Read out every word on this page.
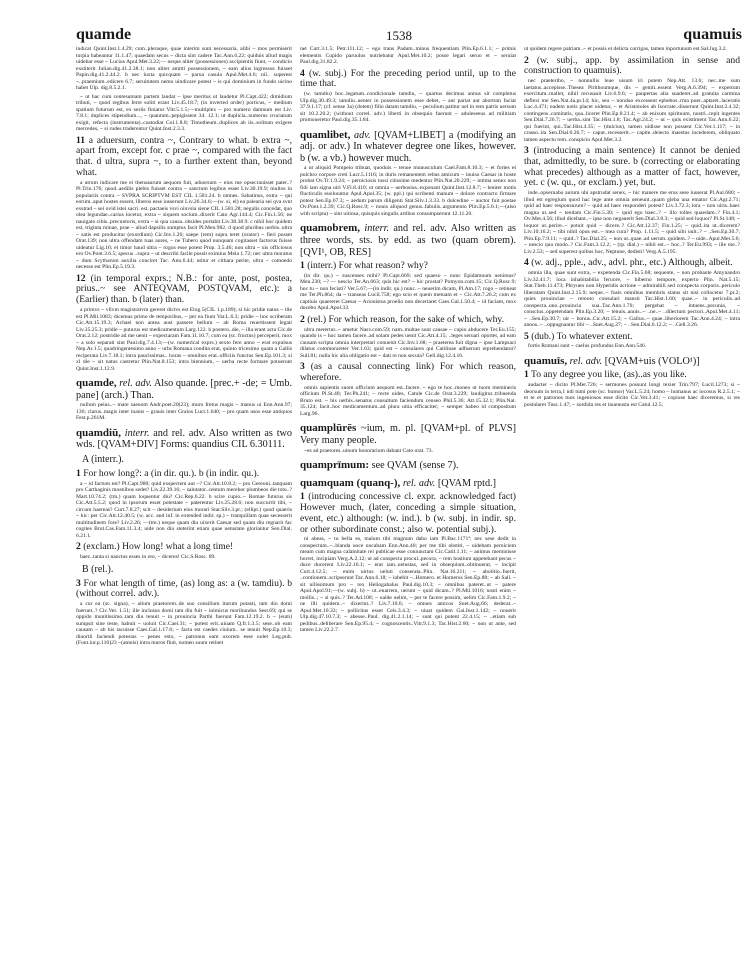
quamde	1538	quamuis

indicat Quint.Inst.1.4.29; cum..pleraque, quae interim sunt necessaria, alibi ~ mos permiserit turpia habeantur 11.1.47; quaedam secus ~ dicta sint cadere Tac.Ann.6.22; quiduis aliud magis uidebar esse ~ Lucius Apul.Met.3.22;— neque aliter (possessiones) accipientis fiunt, ~ condicio exstiterit Julian.dig.41.2.38.1; non aliter amitti possessionem, ~ eam alius ingressus fuisset Papin.dig.41.2.44.2. b nec iuxta quicquam ~ parua casula Apul.Met.4.6; nil.. superest ~..praemium..edicere 6.7; seruitutem nemo uindicare potest ~ is qui dominium in fundo uicino habet Ulp. dig.8.5.2.1.

~ ut hac cum centesumam partem laudat ~ ipse meritus ut laudetur Pl.Capt.422; dimidium tributi, ~ quod regibus ferre soliti erant Liv.45.18.7; (in inverted order) porticus, ~ medium spatium futurum est, ex seriis finiatur Vitr.5.1.5;—multiplex ~ pro numero damnum est Liv. 7.8.1; duplices stipendium..., ~ quantum..pepigissent 34. 12.1; ut duplicia..numerus cruciatum exigit, refecta (instrumenta)..custodiat Col.1.8.8; Timotheum..duplices ab iis..solitum exigere mercedes, ~ si rudes traderentur Quint.Inst.2.3.3.

11 a aduersum, contra ~, Contrary to what. b extra ~, apart from, except for. c prae ~, compared with the fact that. d ultra, supra ~, to a further extent than, beyond what.

a utrum indicare me ei thensaurum aequom fuit, aduorsum ~ eius me opsecrauisset pater..? Pl.Trin.176; quod..aedilis plebis fuisset contra ~ sanctum legibus esset Liv.30.19.9; multos in populariis contra ~ SVPRA SCRIPTVM EST CIL 1.581.24. b omnes. Sabatinus, extra ~ qui eorum..aput hostes essent, liberos esse iusserunt Liv.26.34.6;—(w. si, el) ea palearia sei qva svnt exstrad ~ sei ovid istei sacri. est. pactaeis vsvi oinvsia siene CIL 1.581.28; negulis concedat, quo olea legundae..carius locetur, extra ~ siquem socium..dixerit Cato Agr.144.4; Cic.Fin.1.56; ne nauigato cibis..precuntoris, extra ~ si qua causa..obsides portabit Liv.38.38.9. c nihil hoc quidem est, triginta minae, prae ~ aliud dapsilis sumptus facit Pl.Men.982. d quod pluribus uerbis..ultra ~ satis est producitur (exordium) Cic.Inv.1.26; saepe (rem) supra teret (orator) ~ fieri posset Orat.139; non ultra offendam tuas aures, ~ ne Tubero quod nunquam cogitasset factorus fuisse uideatur Lig.16; et timor haud ultra ~ rogus esse potest Prop. 3.5.46; non ultra ~ uis officiosus ero Ov.Pont.3.6.5; specus ..supra ~ ut describi facile possit eximius Mela 1.72; nec ultra moratus ~ dum Scytharum auxilia conciret Tac. Ann.6.44; utitur et cithara perite, ultra ~ comoedo necesse est Plin.Ep.5.19.3.

12 (in temporal exprs.; N.B.: for ante, post, postea, prius..~ see ANTEQVAM, POSTQVAM, etc.): a (Earlier) than. b (later) than.

a primvs ~ vllvm magistratvm gereret dictvs est Elog.5(CIL 1.p.189); si hic pridie natus ~ ille est Pl.Mil.1083; dicemus primo de temporibus, ~ per ea fiunt Var.L.6.3; pridie ~ hoc scriberam Cic.Att.15.19.3; Achaei non antea aust passere bellum ~ ab Roma reuertissent legati Liv.35.25.3; pridie ~ puturus est medicamentum Larg.122. b postero..die, ~ illa erant acta Cic.de Orat.2.12; postridie ad me uenit ~ expectaram Fam.11.10.7; cum ea (sc. fructus) perceperit, mox ~ a solo separati sint Paul.dig.7.4.13;—(w. numerical exprs.) sexto fere anno ~ erat expulsus Nep.Ar.1.5; quadringentesimo anno ~ urbs Romana condita erat, quinto tricesimo quam a Gallis reciperata Liv.7.18.1; intra paucissimas.. horas ~ omnibus erat..officiis functus Sen.Ep.101.3; si xl die ~ sit natus castretur Plin.Nat.8.153; intra biennium, ~ uerba recte formare potuerunt Quint.Inst.1.12.9.

quamde, rel. adv. Also quande. [prec.+ -de; = Umb. pane] (arch.) Than.

nullum peius..~ mare saeuom Andr.poet.20(23); muro fretus magis ~ manus ui Enn.Ann.97; 136; clarus..magis inter inanis ~ grauis inter Graios Lucr.1.640; ~ pro quam usos esse antiquos Fest.p.261M.

quamdiū, interr. and rel. adv. Also written as two wds. [QVAM+DIV] Forms: quandius CIL 6.30111.

A (interr.).

1 For how long?: a (in dir. qu.). b (in indir. qu.).

a ~ id factum est? Pl.Capt.980; quid exspectem aut ~? Cic.Att.10.8.2; ~ pro Gereoni..tanquam pro Carthaginis moenibus sedet? Liv.22.39.16; ~ salutator..centum merebor plumbeos die toto..? Mart.10.74.2; (tm.) quam loquentur diu? Cic.Rep.6.22. b scire cupio..~ Romae futurus sis Cic.Att.5.5.2; quod in ipsorum esset potestate ~ paterentur Liv.25.28.6; non succurrit tibi, ~ circum haereas? Curt.7.8.27; scit ~ desiderium eius morari Stat.Silv.3.pr.; (ellipt.) quod quaeris ~ hic: per Cic.Att.12.40.5; (w. acc. and inf. in extended indir. sp.) ~ tranquillam quae secesserit multitudinem fore? Liv.2.26; —(tm.) neque quam diu uixerit Caesar sed quam diu regnarit fac cogites Brut.Cas.Fam.11.3.4; uide non diu steterint etiam quae uetustate gloriantur Sen.Dial. 6.21.1.

2 (exclam.) How long! what a long time!

haec..tanta si nanctus esses in reo, ~ diceres! Cic.S.Rosc. 89.

B (rel.).

3 For what length of time, (as) long as: a (w. tamdiu). b (without correl. adv.).

a cur ea (sc. signa), ~ alium praetorem..de suo consilium iturum putasti, tam diu domi fuerunt..? Cic.Ver. 1.51; ille inclusus domi tam diu fuit ~ inimicus moribundus Sest.69; qui se oppido munitissimo..tam diu tenuit ~ in prouincia Parthi fuerunt Fam.12.19.2. b ~ (eum) sumpsit sine teste, habuit ~ uoluit Cic.Cael.31; ~ potest erit..uiuam Q.fr.1.3.5; sese..ob eam causam ~ ab his tacuisse Caes.Gal.1.17.6; ~ facta est caedes ciuium.. se tenuit Nep.Ep.10.3; diuortii faciendi potestas ~ penes esto, ~ patronus eam uxorem esse uolet Leg.pub.(Font.iur.p.116)23 ~(amnis) intra muros fluit, nomen suum retinet

net Curt.3.1.5; Petr.111.12; ~ ego trans Padum..minus frequentiam Plin.Ep.6.1.1; ~ primis elementis Cupido paruulus nutriebatur Apul.Met.10.2; posse legari seruo et ~ seruiat Paul.dig.31.82.2.

4 (w. subj.) For the preceding period until, up to the time that.

(w. tamdiu) hoc..legatum..condicionale tamdiu, ~ quartus decimus annus sit completus Ulp.dig.30.49.3; tamdiu..uenter in possessionem esse debet, ~ aut pariat aut abortum faciat 37.9.1.17; (cf. sense 3a) (dotem) filio datam tamdiu, ~ peculium patitur uel in rem patris uersum sit 10.2.20.2; (without correl. adv.) liberti in obsequio fuerunt ~ aduleseeus ad militiam promoueretur Paul.dig.35.1.84.

quamlibet, adv. [QVAM+LIBET] a (modifying an adj. or adv.) In whatever degree one likes, however. b (w. a vb.) however much.

a ut aliquid Pompeio tribuat, quoduis ~ tenue munusculum Cael.Fam.8.10.3; ~ et fortes et pulchro corpore creti Lucr.5.1116; in duris remanentem rebus amicum ~ inuiso Caesar in hoste probat Ov.Tr.1.9.24; ~ perniciosis tussi citissime medentur Plin.Nat.20.229; ~ intima senex non fidi iam signa uiri V.Fl.8.410; ut omnia ~ uerbosius..exponant Quint.Inst.12.8.7; ~ leniter motis flucticulis euoluuntur Apul.Apol.35; (w. ppl.) qui scribenti manum ~ dolore contracto firmare potest Sen.Ep.67.3; ~ aedum parum diligenti Stat.Silv.1.3.33. b dulcedine ~ auctor fuit poetae Ov.Pont.1.2.39; Cic.Q.Rosc.9; ~ nouis aliquod genus..fabulis..argumento Plin.Ep.5.6.1;—(also with scripta) ~ sint uitiosa, quisquis singulis artibus consumpserunt 12.11.20.

quamobrem, interr. and rel. adv. Also written as three words, sts. by edd. as two (quam obrem). [QVI¹, OB, RES]

1 (interr.) For what reason? why?

(in dir. qu.) ~ suscenses mihi? Pl.Capt.669; sed quaeso ~ nunc Epidamnum uenimus? Men.230; ~? — nescio Ter.An.663; quis hic est? ~ hic prostat? Pomyon.com.15; Cic.Q.Rosc.9; hoc tu ~ non fecisti? Ver.5.67;—(in indir. qu.) nunc..~ neuerim dicam, Pl.Am.17; rogo ~ retineat me Ter.Ph.864; da ~ transeas Lucil.758; ego scio et quem metuam et ~ Cic.Att.7.26.2; cum ex captiuis quaereret Caesar ~ Ariouistus proelio non decertaret Caes.Gal.1.50.4; ~ id faciam, mox docebo Apul.Apol.33.

2 (rel.) For which reason, for the sake of which, why.

ultra merertur..~ ametur Nasv.com.59; nam..multae sunt causae ~ cupio abducere Ter.Eu.155; quando is ~ hoc tamen facere..ad solam pedes uenit Cic.Att.4.15; ..leges seruari oportet, ad eam causam scripta omnia interpretari conuenit Cic.Inv.1.68; ~ praeterea fuit digna ~ ipse Lampsaci dilatus commorareter Ver.1.63; quid est ~ consulares qui Catilinae adfuerunt reprehendatur? Sull.81; nulla hic alia obligatio est ~ dati re non secuta? Gell.dig.12.4.16.

3 (as a causal connecting link) For which reason, wherefore.

omnis sapientis suom officium aequom est..facere. ~ ego te hoc..moneo ut tuom memineris officium Pl.St.48; Ter.Ph.241; ~ recte uides, Catule Cic.de Orat.3.229; laudigitur..tribuenda Bruto est. ~ his uerbis..senatus consultum faciendum censeo Phil.5.36; Att.15.32.1; Plin.Nat. 35.124; facit..hoc medicamentum..ad plura uitia efficaciter; ~ semper habeo id compositum Larg.96.

quamplūrēs ~ium, m. pl. [QVAM+pl. of PLVS] Very many people.

~es ad praetores..uinum honorarium dabant Cato orat. 73.

quamprīmum: see QVAM (sense 7).

quamquam (quanq-), rel. adv. [QVAM rptd.]

1 (introducing concessive cl. expr. acknowledged fact) However much, (later, conceding a simple situation, event, etc.) although: (w. ind.). b (w. subj. in indir. sp. or other subordinate const.; also w. potential subj.).

ni abeas, ~ tu bella es, malum tibi magnum dabo iam Pl.Bac.1171ª; nec sese dedit in conspectum..~..blanda uoce uocabam Enn.Ann.40; per me tibi obstiti, ~ uidebam perniciem meam cum magna calamitate rei publicae esse coniunctam Cic.Catil.1.11; ~ animus meminisse horret, incipiam Verg.A.2.12; ut ad conspecta procul..pecora, ~ rem hostium appetebant pecus ~ duce ducerent Liv.22.16.1; ~ erat iam..uetustas, sed in obsequium..obtinuerat, ~ incipit Curt.4.12.5; ~ enim uirtus ueluti conserata..Plin. Nat.16.211; ~ abolitio..fuerit, ..contionem..scripserunt Tac.Ann.6.18; ~ iubebit ~..Homero. et Homerus Sen.Ep.88; ~ ab Sall. ~ sit uilissimum pro ~ rex Heliogabalus Paul.dig.10.3; ~ omnibus pateret..ut ~ patere Apul.Apol.91;—(w. subj. b) ~ ut..enarrem, uerum ~ quid dicam..? Pl.Mil.1016; nosti enim ~ mollis..; ~ si quis..? Ter.Ad.108; ~ ualde uelim, ~ per te facere possim, uelim Cic.Fam.1.9.2; ~ ne illi quidem..~ dixerint..? Liv.7.10.6; ~ omnes amicos Suet.Aug.66; dederat..~ Apul.Met.10.33; ~ pollicitus esset Cels.3.4.3; ~ uiuat quidem Gai.Inst.1.142; ~ nouerit Ulp.dig.47.10.7.3; ~ abesse..Paul. dig.41.2.1.14; ~ sunt qui putent 22.4.15; ~ ..etiam sub pedibus..deliberare Sen.Ep.95.4; ~ cognoscentis..Vitr.9.1.3; Tac.Hist.2.60; ~ non ut ante, sed tamen Liv.22.2.7.

ut quidem regere patriam..~ et possis et delicta corrigas, tamen inportunum est Sal.Jug.3.2.

2 (w. subj., app. by assimilation in sense and construction to quamuis).

nec praeteribo, ~ nonnullis leue uisum iri putem Nep.Att. 13.6; nec..me sum laetatus..accepisse..Thesea Pirithoumque, dis ~ geniti..essent Verg.A.6.394; ~ expertum exercitum..mallet, nihil recusauit Liv.6.9.6; ~ paupertas alia suaderet..ad gratuita carmina deflexi me Sen.Nat.4a.pr.14; hic, seu ~ nonduo excessent ephebos..rma puer..aptaret..laceratis Luc.4.471; eadem notis placet uidetur, ~ et Aristotoles ab Isocrate..disserunt Quint.Inst.2.4.32; contingens..comitatis, qua..liceret Plin.Ep.8.21.4; ~ ab enixum spirituum, nostri..cepit ingentes Sen.Dial.7.26.7; ~ uerba..sint Tac.Hist.1.8; Tac.Agr.24.2; ~ ut ~ quis existiment Tac.Ann.6.22; qui fuerint, qui..Tac.Hist.4.35; ~ (dulcius), tamen uidisse non possent Cic.Ver.1.117; ~ in crasso..ita Sen.Dial.6.26.7; ~ caput..recesserit..~ capite..deiecto maestus incederem, obliquato tamen aspectu rem..conspicio Apul.Met.3.2.

3 (introducing a main sentence) It cannot be denied that, admittedly, to be sure. b (correcting or elaborating what precedes) although as a matter of fact, however, yet. c (w. qu., or exclam.) yet, but.

inde..opseruabo aurum ubi apstrudat senex, ~ hic manere me erus sese iusserat Pl.Aul.680; ~ illud est egregium quod hac lege ante omnia ueneunt..quam gleba una ematur Cic.Agr.2.71; quid ad haec responsurum? ~ quid ad haec responderi potest? Liv.3.72.3; lora ~ non uiris..haec magna ut..sed ~ tendam Cic.Fin.5.30; ~ quid ego haec..? ~ illo tolles quaedam..? Fin.4.1; Ov.Met.4.56; illud dicebant..~ ipse non negauerit Sen.Dial.3.8.3; ~ quid sed loquor? Pl.St.148; ~ loquor ut..perire..~ potuit quid ~ dicere..? Cic.Att.12.37; Fin.1.25; ~ quid..ita ut..dicerem? Liv.10.16.2; ~ tibi nihil opus est..~ mea cura? Prop. 1.11.5; ~ quid sibi uult..? ~ ..Sen.Ep.30.7; Plin.Ep.7.9.11; ~ quid..? Tac.Dial.25; ~ non ut..quae..ad uerum..quidem..? ~ uide..Apul.Met.5.6; ~ nescio quo modo..? Cic.Fam.3.12.2; ~ (rp. dial.) ~ nihil est..~ hoc..? Ter.Eu.993; ~ ille me..? Liv.2.53; ~ sed superest quibus hoc, Neptune, dedisti! Verg.A.5.195.

4 (w. adj., pple., adv., advl. phr., etc.) Although, albeit.

omnia illa, quae sunt extra, ~ expetenda Cic.Fin.5.68; sequente, ~ non probante Amynandro Liv.32.41.7; loca inhabitabilia feruore, ~ hiberno tempore, experto Plin. Nat.5.15; Stat.Theb.11.473; Phryuen non Hyperidis actione ~ admirabili sed conspecta corporis..periculo liberatam Quint.Inst.2.15.9; neque..~ fusis omnibus membris status sit nisi collocetur 7.pr.2; quies prouinciae ~ remoto consulari mansit Tac.Hist.1.60; quae..~ in periculis..ad conspecta..uno..prouincia sua..Tac.Ann.1.70; pergebat ~ intuens..pecunia, ~ conscius..oppetendam Plin.Ep.3.20; ~ tenuis..annis..~ ..ne..~ ..dilectum pectori..Apul.Met.4.11; ~ ..Sen.Ep.30.7; uir ~ bonus..Cic.Att.15.2; ~ Gallus..~ quae..liberiorem Tac.Ann.4.24; ~ intra annos..~ ..oppugnantur tibi ~ ..Suet.Aug.27; ~ ..Sen.Dial.6.12.2; ~ ..Gell.3.26.

5 (dub.) To whatever extent.

fortis Romani sunt ~ caelus profundus Enn.Ann.546.

quamuīs, rel. adv. [QVAM+uis (VOLO¹)]

1 To any degree you like, (as)..as you like.

audacter ~ dicito Pl.Mer.726; ~ sermones possunt longi texier Trin.797; Lucil.1273; si ~ deorsum in terra,1 ndi tumi pote (sc. humor) Var.L.5.24; homo ~ humanus ac iocosus R.2.5.1; ~ et te et patronos tuos ingeniosos esse dicito Cic.Ver.3.41; ~ copiose haec diceremus, si res postularet Tusc.1.47; ~ sordida res et inuenusta est Catul.12.5;
